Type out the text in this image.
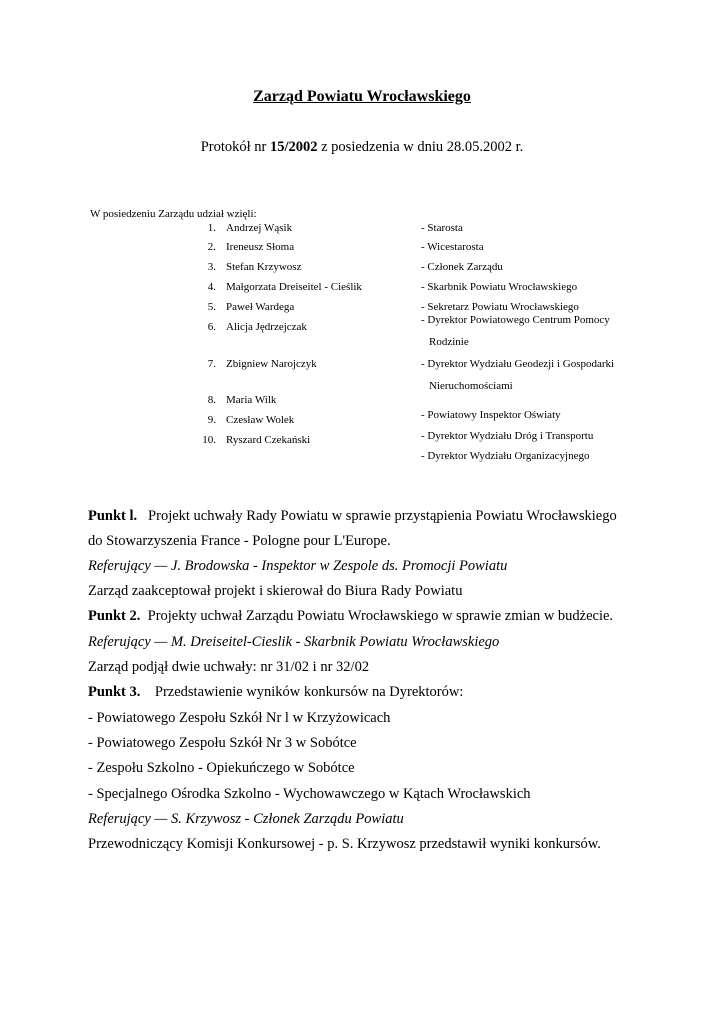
Zarząd Powiatu Wrocławskiego
Protokół nr 15/2002 z posiedzenia w dniu 28.05.2002 r.
W posiedzeniu Zarządu udział wzięli:
1. Andrzej Wąsik
2. Ireneusz Słoma
3. Stefan Krzywosz
4. Małgorzata Dreiseitel - Cieślik
5. Paweł Wardega
6. Alicja Jędrzejczak
7. Zbigniew Narojczyk
8. Maria Wilk
9. Czesław Wolek
10. Ryszard Czekański
- Starosta
- Wicestarosta
- Członek Zarządu
- Skarbnik Powiatu Wrocławskiego
- Sekretarz Powiatu Wrocławskiego
- Dyrektor Powiatowego Centrum Pomocy
Rodzinie
- Dyrektor Wydziału Geodezji i Gospodarki
Nieruchomościami
- Powiatowy Inspektor Oświaty
- Dyrektor Wydziału Dróg i Transportu
- Dyrektor Wydziału Organizacyjnego
Punkt l. Projekt uchwały Rady Powiatu w sprawie przystąpienia Powiatu Wrocławskiego
do Stowarzyszenia France - Pologne pour L'Europe.
Referujący — J. Brodowska - Inspektor w Zespole ds. Promocji Powiatu
Zarząd zaakceptował projekt i skierował do Biura Rady Powiatu
Punkt 2. Projekty uchwał Zarządu Powiatu Wrocławskiego w sprawie zmian w budżecie.
Referujący — M. Dreiseitel-Cieslik - Skarbnik Powiatu Wrocławskiego
Zarząd podjął dwie uchwały: nr 31/02 i nr 32/02
Punkt 3. Przedstawienie wyników konkursów na Dyrektorów:
- Powiatowego Zespołu Szkół Nr l w Krzyżowicach
- Powiatowego Zespołu Szkół Nr 3 w Sobótce
- Zespołu Szkolno - Opiekuńczego w Sobótce
- Specjalnego Ośrodka Szkolno - Wychowawczego w Kątach Wrocławskich
Referujący — S. Krzywosz - Członek Zarządu Powiatu
Przewodniczący Komisji Konkursowej - p. S. Krzywosz przedstawił wyniki konkursów.
